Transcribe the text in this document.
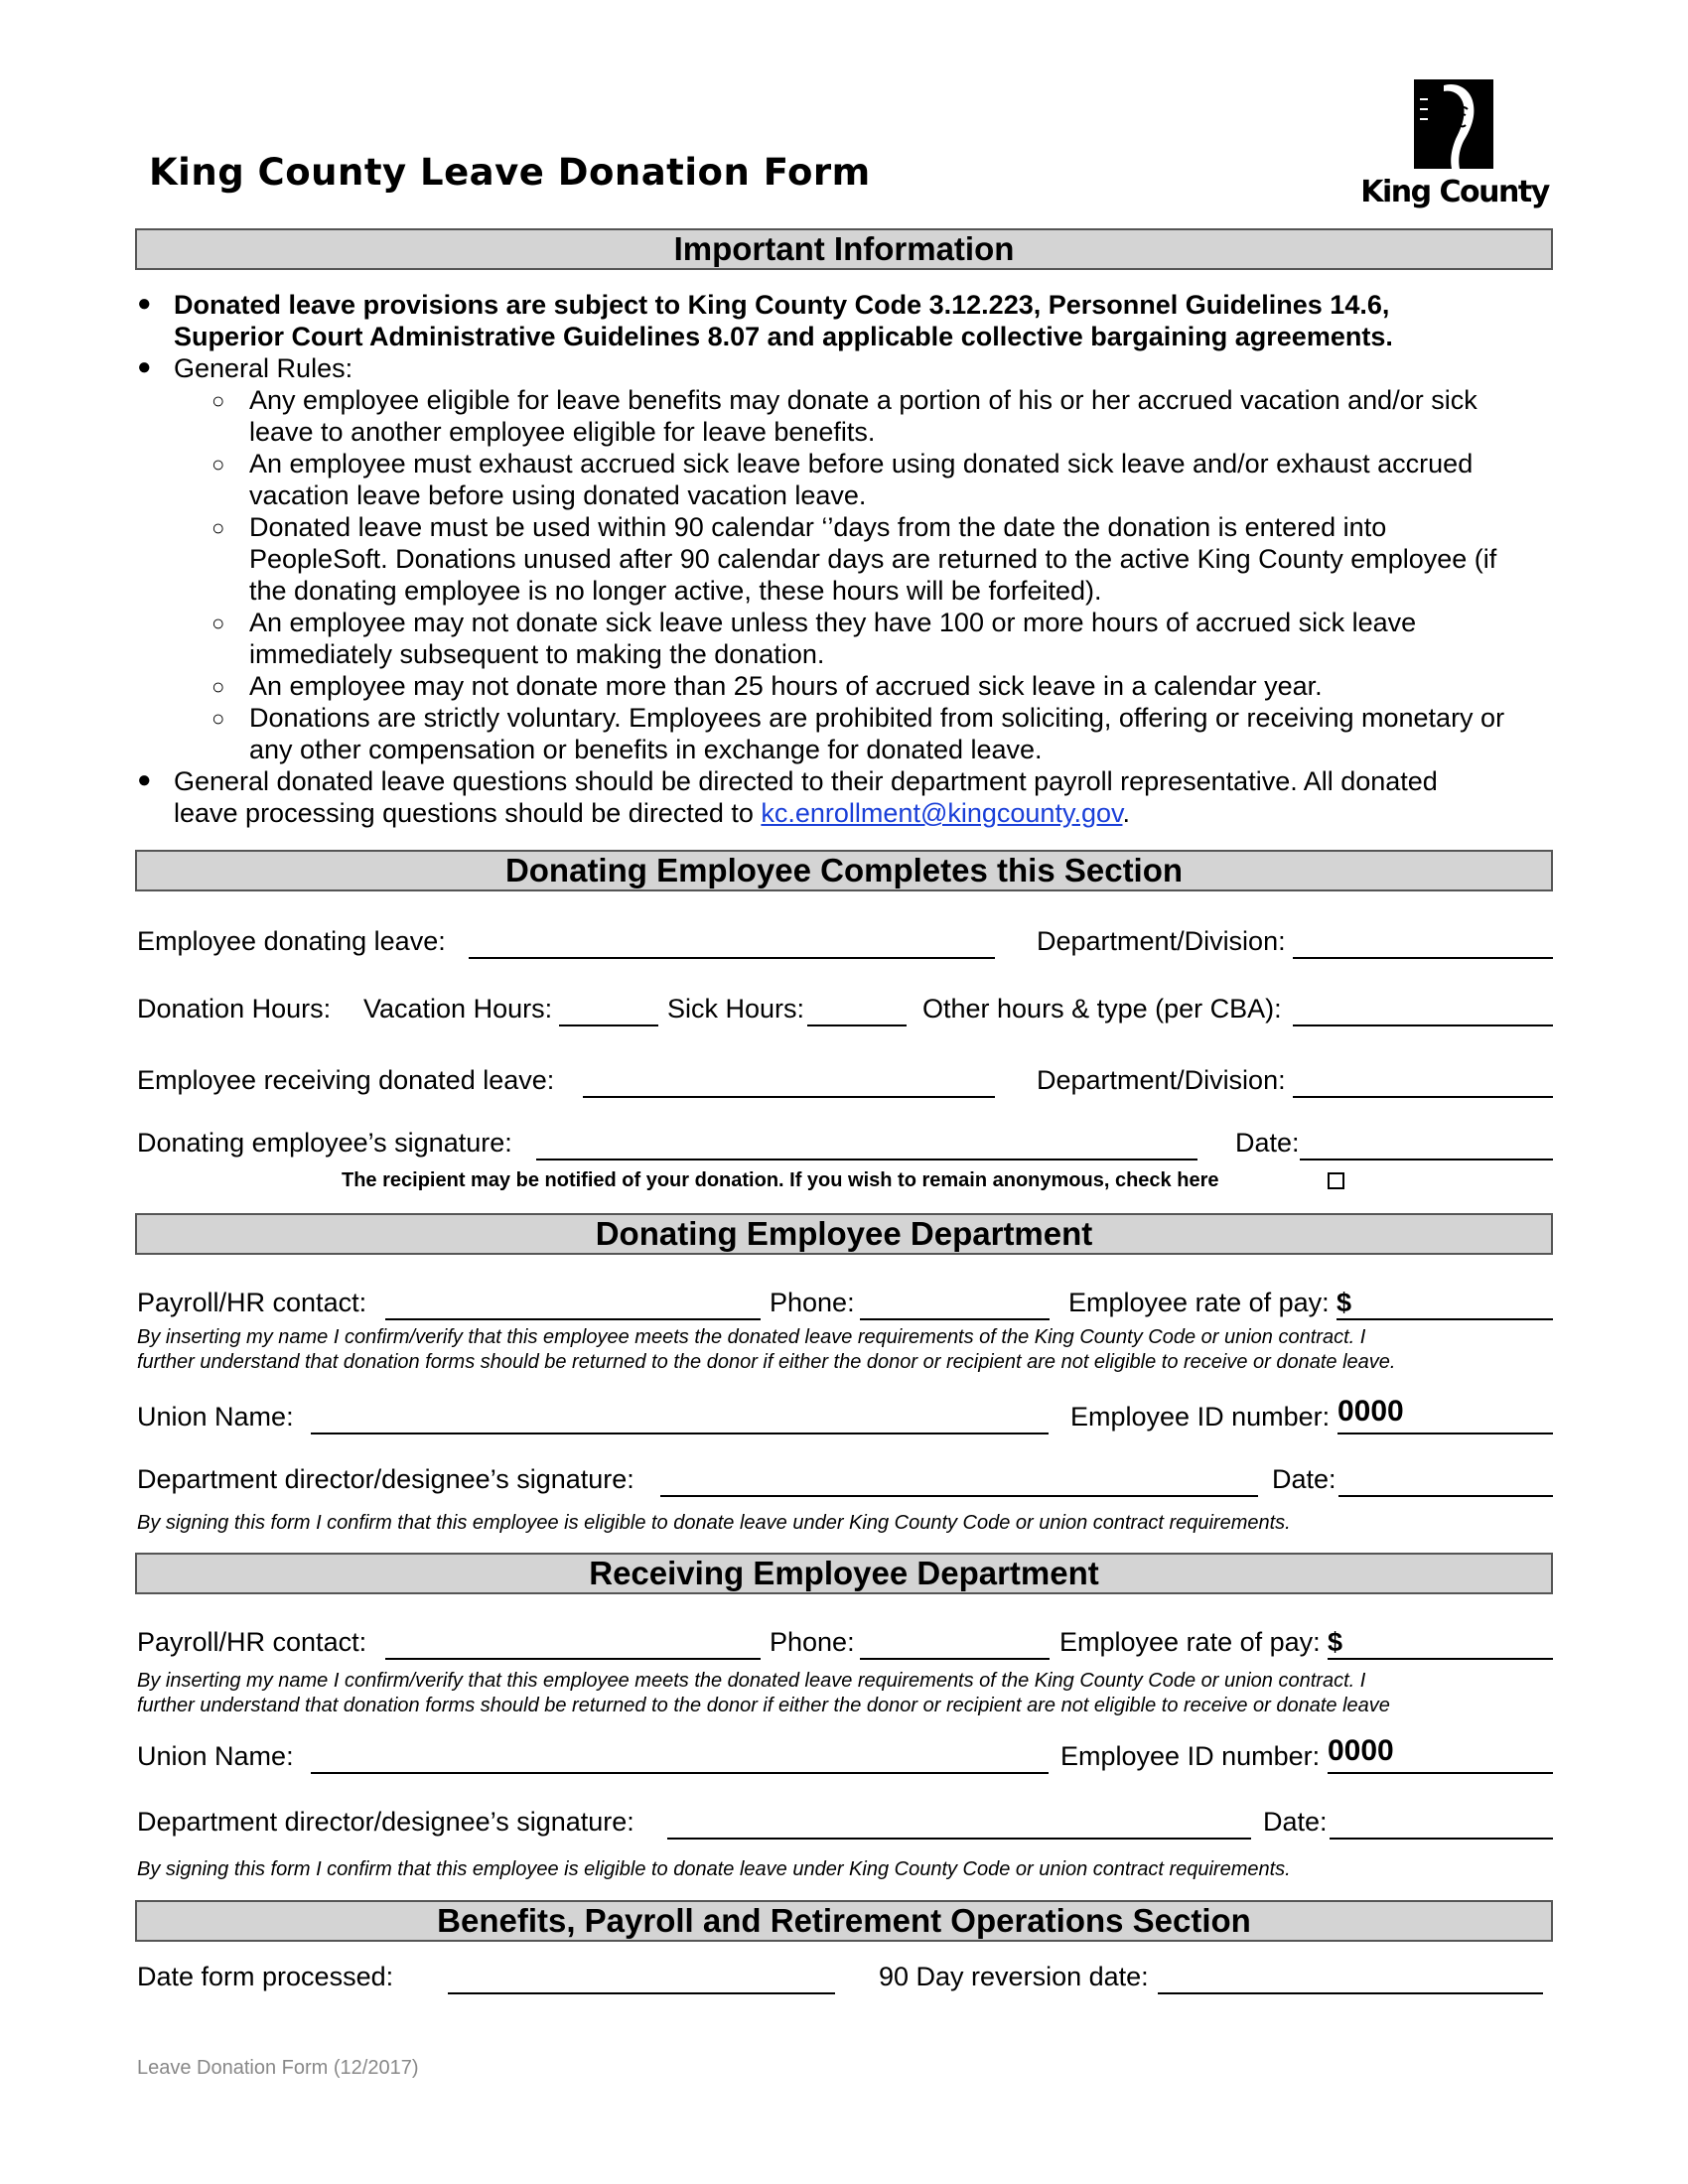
King County Leave Donation Form	King County
Important Information
● Donated leave provisions are subject to King County Code 3.12.223, Personnel Guidelines 14.6,
Superior Court Administrative Guidelines 8.07 and applicable collective bargaining agreements.
● General Rules:
○ Any employee eligible for leave benefits may donate a portion of his or her accrued vacation and/or sick
leave to another employee eligible for leave benefits.
○ An employee must exhaust accrued sick leave before using donated sick leave and/or exhaust accrued
vacation leave before using donated vacation leave.
○ Donated leave must be used within 90 calendar ‘’days from the date the donation is entered into
PeopleSoft. Donations unused after 90 calendar days are returned to the active King County employee (if
the donating employee is no longer active, these hours will be forfeited).
○ An employee may not donate sick leave unless they have 100 or more hours of accrued sick leave
immediately subsequent to making the donation.
○ An employee may not donate more than 25 hours of accrued sick leave in a calendar year.
○ Donations are strictly voluntary. Employees are prohibited from soliciting, offering or receiving monetary or
any other compensation or benefits in exchange for donated leave.
● General donated leave questions should be directed to their department payroll representative. All donated
leave processing questions should be directed to kc.enrollment@kingcounty.gov.
Donating Employee Completes this Section
Employee donating leave:	Department/Division:
Donation Hours: Vacation Hours:	Sick Hours:	Other hours & type (per CBA):
Employee receiving donated leave:	Department/Division:
Donating employee’s signature:	Date:
The recipient may be notified of your donation. If you wish to remain anonymous, check here
Donating Employee Department
Payroll/HR contact:	Phone:	Employee rate of pay: $
By inserting my name I confirm/verify that this employee meets the donated leave requirements of the King County Code or union contract. I
further understand that donation forms should be returned to the donor if either the donor or recipient are not eligible to receive or donate leave.
Union Name:	Employee ID number: 0000
Department director/designee’s signature:	Date:
By signing this form I confirm that this employee is eligible to donate leave under King County Code or union contract requirements.
Receiving Employee Department
Payroll/HR contact:	Phone:	Employee rate of pay: $
By inserting my name I confirm/verify that this employee meets the donated leave requirements of the King County Code or union contract. I
further understand that donation forms should be returned to the donor if either the donor or recipient are not eligible to receive or donate leave
Union Name:	Employee ID number: 0000
Department director/designee’s signature:	Date:
By signing this form I confirm that this employee is eligible to donate leave under King County Code or union contract requirements.
Benefits, Payroll and Retirement Operations Section
Date form processed:	90 Day reversion date:
Leave Donation Form (12/2017)
